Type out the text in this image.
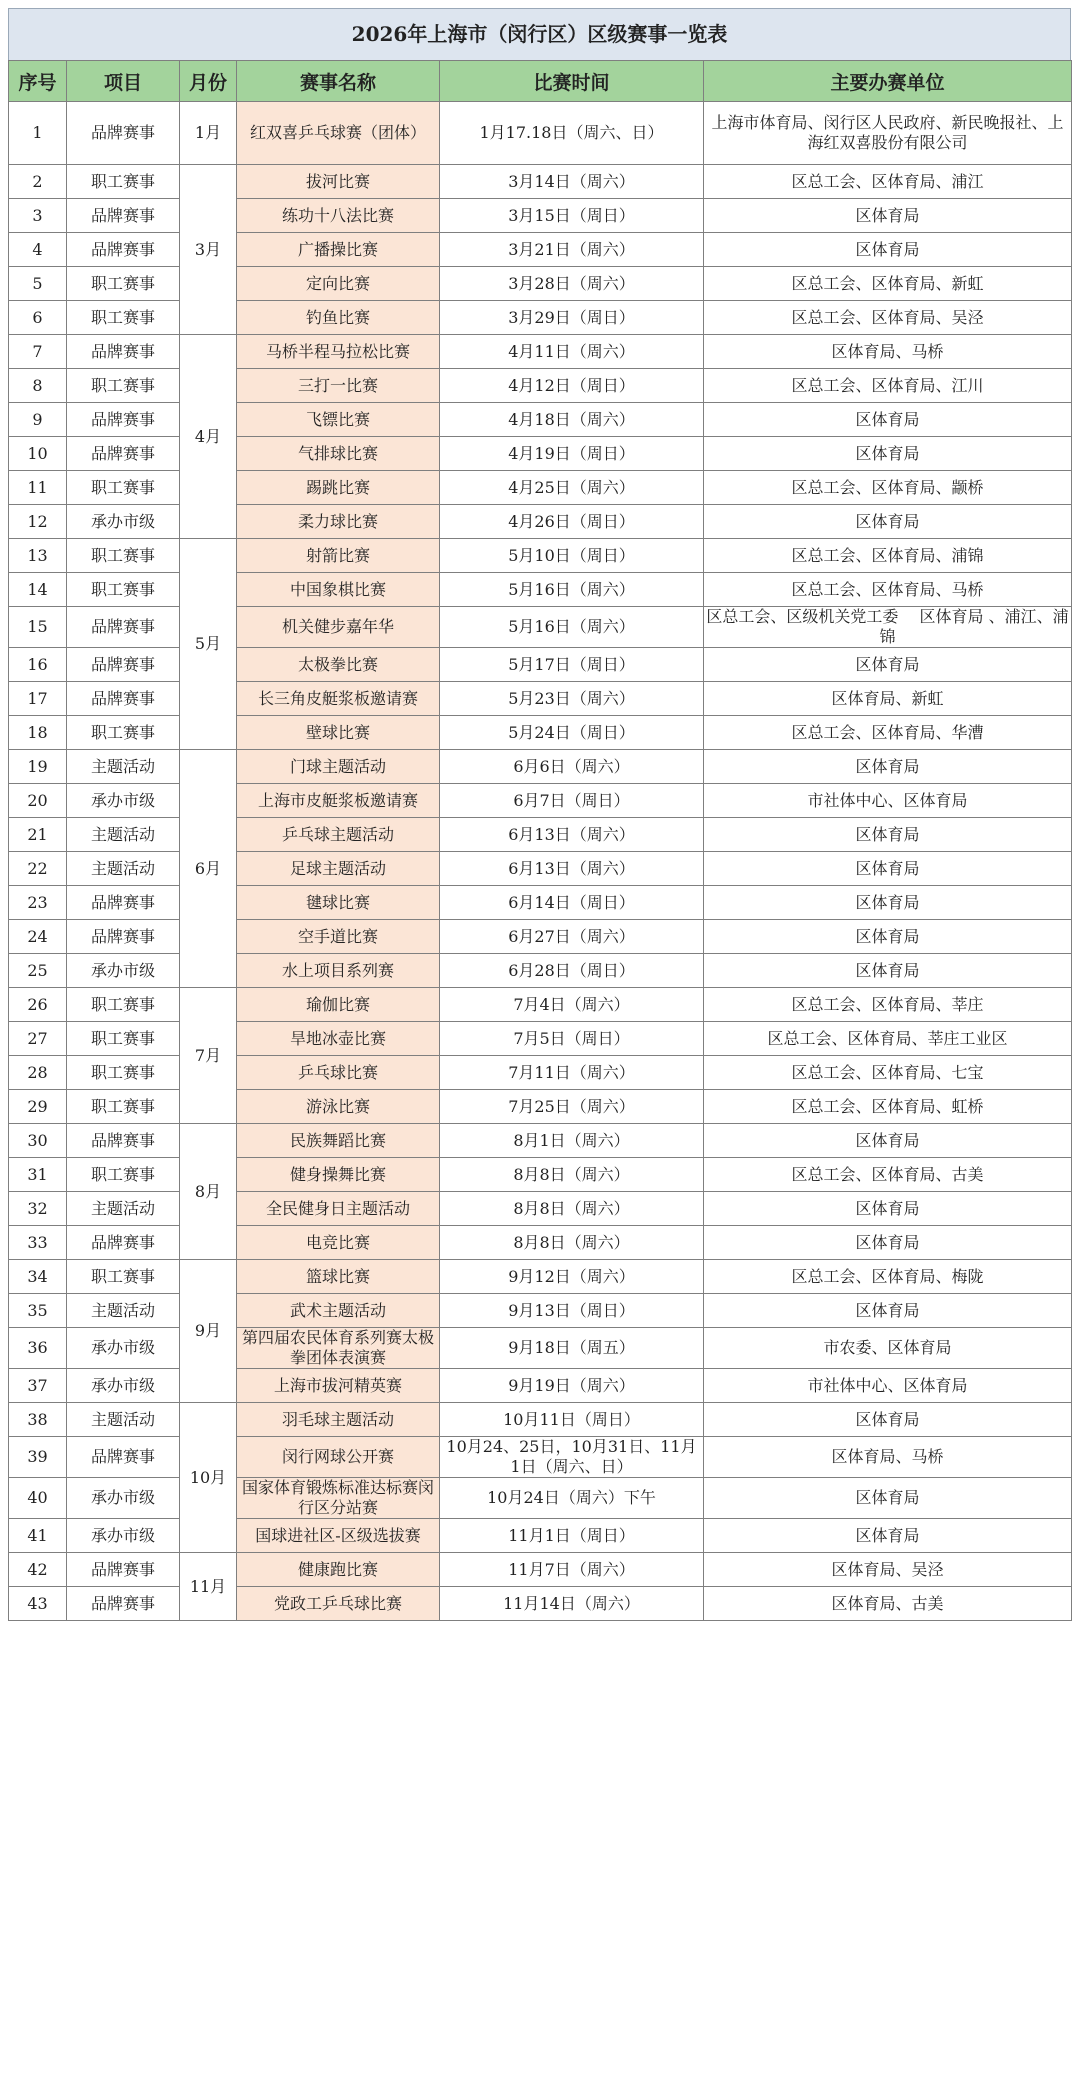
2026年上海市（闵行区）区级赛事一览表
序号	项目	月份	赛事名称	比赛时间	主要办赛单位
1	品牌赛事	1月	红双喜乒乓球赛（团体）	1月17.18日（周六、日）	上海市体育局、闵行区人民政府、新民晚报社、上海红双喜股份有限公司
2	职工赛事	3月	拔河比赛	3月14日（周六）	区总工会、区体育局、浦江
3	品牌赛事		练功十八法比赛	3月15日（周日）	区体育局
4	品牌赛事		广播操比赛	3月21日（周六）	区体育局
5	职工赛事		定向比赛	3月28日（周六）	区总工会、区体育局、新虹
6	职工赛事		钓鱼比赛	3月29日（周日）	区总工会、区体育局、吴泾
7	品牌赛事	4月	马桥半程马拉松比赛	4月11日（周六）	区体育局、马桥
8	职工赛事		三打一比赛	4月12日（周日）	区总工会、区体育局、江川
9	品牌赛事		飞镖比赛	4月18日（周六）	区体育局
10	品牌赛事		气排球比赛	4月19日（周日）	区体育局
11	职工赛事		踢跳比赛	4月25日（周六）	区总工会、区体育局、颛桥
12	承办市级		柔力球比赛	4月26日（周日）	区体育局
13	职工赛事	5月	射箭比赛	5月10日（周日）	区总工会、区体育局、浦锦
14	职工赛事		中国象棋比赛	5月16日（周六）	区总工会、区体育局、马桥
15	品牌赛事		机关健步嘉年华	5月16日（周六）	区总工会、区级机关党工委　 区体育局 、浦江、浦锦
16	品牌赛事		太极拳比赛	5月17日（周日）	区体育局
17	品牌赛事		长三角皮艇浆板邀请赛	5月23日（周六）	区体育局、新虹
18	职工赛事		壁球比赛	5月24日（周日）	区总工会、区体育局、华漕
19	主题活动	6月	门球主题活动	6月6日（周六）	区体育局
20	承办市级		上海市皮艇浆板邀请赛	6月7日（周日）	市社体中心、区体育局
21	主题活动		乒乓球主题活动	6月13日（周六）	区体育局
22	主题活动		足球主题活动	6月13日（周六）	区体育局
23	品牌赛事		毽球比赛	6月14日（周日）	区体育局
24	品牌赛事		空手道比赛	6月27日（周六）	区体育局
25	承办市级		水上项目系列赛	6月28日（周日）	区体育局
26	职工赛事	7月	瑜伽比赛	7月4日（周六）	区总工会、区体育局、莘庄
27	职工赛事		旱地冰壶比赛	7月5日（周日）	区总工会、区体育局、莘庄工业区
28	职工赛事		乒乓球比赛	7月11日（周六）	区总工会、区体育局、七宝
29	职工赛事		游泳比赛	7月25日（周六）	区总工会、区体育局、虹桥
30	品牌赛事	8月	民族舞蹈比赛	8月1日（周六）	区体育局
31	职工赛事		健身操舞比赛	8月8日（周六）	区总工会、区体育局、古美
32	主题活动		全民健身日主题活动	8月8日（周六）	区体育局
33	品牌赛事		电竞比赛	8月8日（周六）	区体育局
34	职工赛事	9月	篮球比赛	9月12日（周六）	区总工会、区体育局、梅陇
35	主题活动		武术主题活动	9月13日（周日）	区体育局
36	承办市级		第四届农民体育系列赛太极拳团体表演赛	9月18日（周五）	市农委、区体育局
37	承办市级		上海市拔河精英赛	9月19日（周六）	市社体中心、区体育局
38	主题活动	10月	羽毛球主题活动	10月11日（周日）	区体育局
39	品牌赛事		闵行网球公开赛	10月24、25日，10月31日、11月1日（周六、日）	区体育局、马桥
40	承办市级		国家体育锻炼标准达标赛闵行区分站赛	10月24日（周六）下午	区体育局
41	承办市级		国球进社区-区级选拔赛	11月1日（周日）	区体育局
42	品牌赛事	11月	健康跑比赛	11月7日（周六）	区体育局、吴泾
43	品牌赛事		党政工乒乓球比赛	11月14日（周六）	区体育局、古美
